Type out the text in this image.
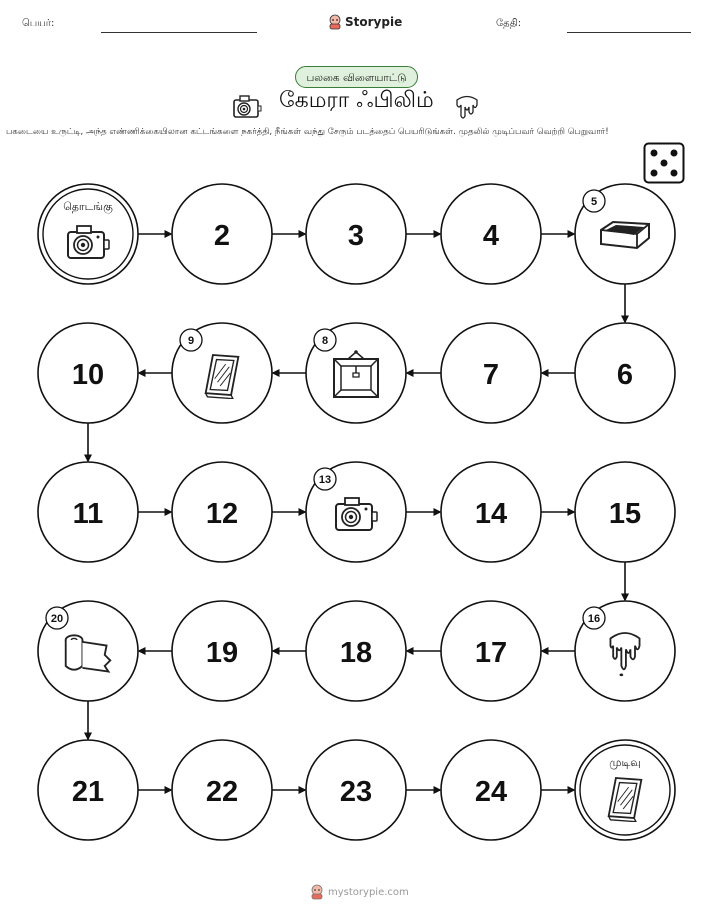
பெயர்:	Storypie	தேதி:
பலகை விளையாட்டு
கேமரா ஃபிலிம்
பகடையை உருட்டி, அந்த எண்ணிக்கையிலான கட்டங்களை நகர்த்தி, நீங்கள் வந்து சேரும் படத்தைப் பெயரிடுங்கள். முதலில் முடிப்பவர் வெற்றி பெறுவார்!
தொடங்கு
2	3	4
5
6
7
8
9
10
11	12
13
14	15
16
17
18
19
20
21	22	23	24
முடிவு
mystorypie.com
